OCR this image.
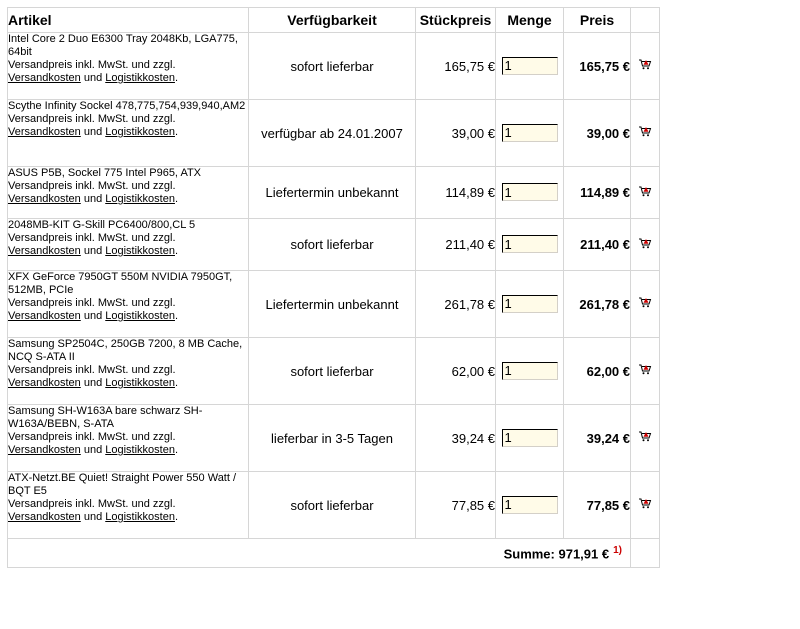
Artikel	Verfügbarkeit	Stückpreis	Menge	Preis	

Intel Core 2 Duo E6300 Tray 2048Kb, LGA775, 64bit
Versandpreis inkl. MwSt. und zzgl.
Versandkosten und Logistikkosten.	sofort lieferbar	165,75 €	1	165,75 €	

Scythe Infinity Sockel 478,775,754,939,940,AM2
Versandpreis inkl. MwSt. und zzgl.
Versandkosten und Logistikkosten.	verfügbar ab 24.01.2007	39,00 €	1	39,00 €	

ASUS P5B, Sockel 775 Intel P965, ATX
Versandpreis inkl. MwSt. und zzgl.
Versandkosten und Logistikkosten.	Liefertermin unbekannt	114,89 €	1	114,89 €	

2048MB-KIT G-Skill PC6400/800,CL 5
Versandpreis inkl. MwSt. und zzgl.
Versandkosten und Logistikkosten.	sofort lieferbar	211,40 €	1	211,40 €	

XFX GeForce 7950GT 550M NVIDIA 7950GT, 512MB, PCIe
Versandpreis inkl. MwSt. und zzgl.
Versandkosten und Logistikkosten.	Liefertermin unbekannt	261,78 €	1	261,78 €	

Samsung SP2504C, 250GB 7200, 8 MB Cache, NCQ S-ATA II
Versandpreis inkl. MwSt. und zzgl.
Versandkosten und Logistikkosten.	sofort lieferbar	62,00 €	1	62,00 €	

Samsung SH-W163A bare schwarz SH-W163A/BEBN, S-ATA
Versandpreis inkl. MwSt. und zzgl.
Versandkosten und Logistikkosten.	lieferbar in 3-5 Tagen	39,24 €	1	39,24 €	

ATX-Netzt.BE Quiet! Straight Power 550 Watt / BQT E5
Versandpreis inkl. MwSt. und zzgl.
Versandkosten und Logistikkosten.	sofort lieferbar	77,85 €	1	77,85 €	
Summe: 971,91 € $^{1)}$	
